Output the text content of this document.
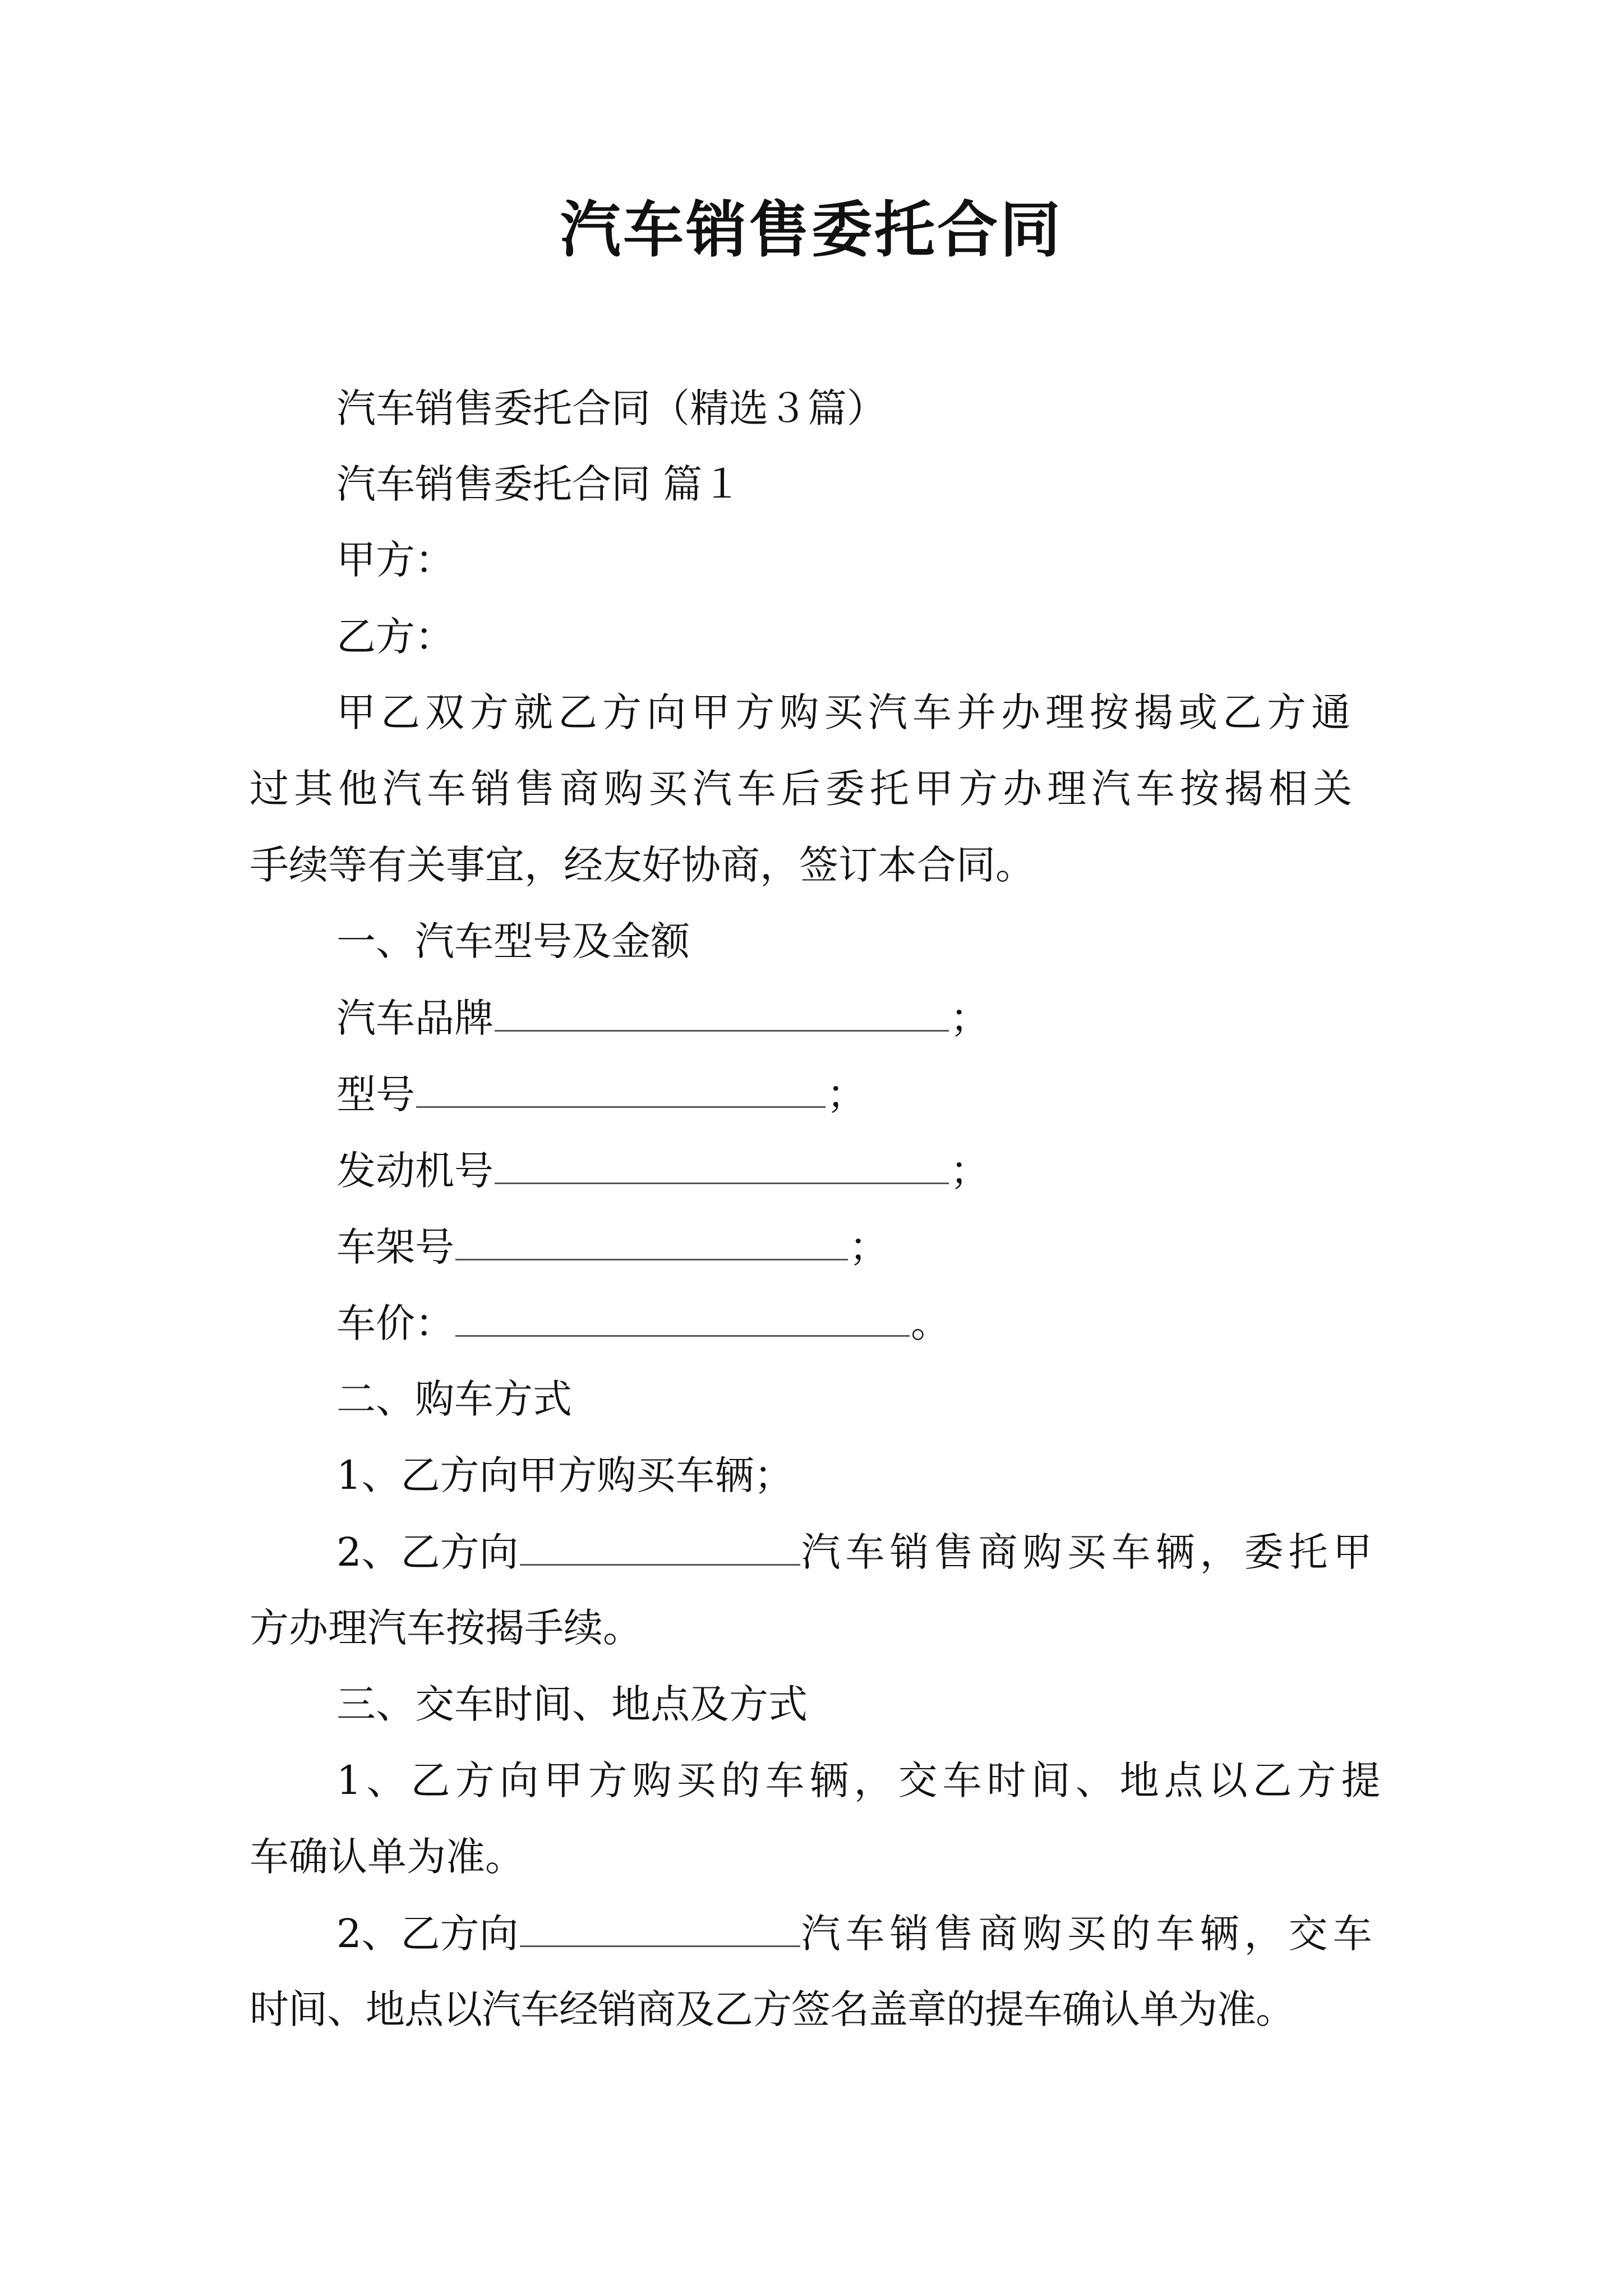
汽车销售委托合同
汽车销售委托合同（精选３篇）
汽车销售委托合同 篇１
甲方：
乙方：
甲乙双方就乙方向甲方购买汽车并办理按揭或乙方通
过其他汽车销售商购买汽车后委托甲方办理汽车按揭相关
手续等有关事宜，经友好协商，签订本合同。
一、汽车型号及金额
汽车品牌	；
型号	；
发动机号	；
车架号	；
车价：	。
二、购车方式
1、乙方向甲方购买车辆；
2、乙方向	汽车销售商购买车辆，委托甲
方办理汽车按揭手续。
三、交车时间、地点及方式
1、乙方向甲方购买的车辆，交车时间、地点以乙方提
车确认单为准。
2、乙方向	汽车销售商购买的车辆，交车
时间、地点以汽车经销商及乙方签名盖章的提车确认单为准。
